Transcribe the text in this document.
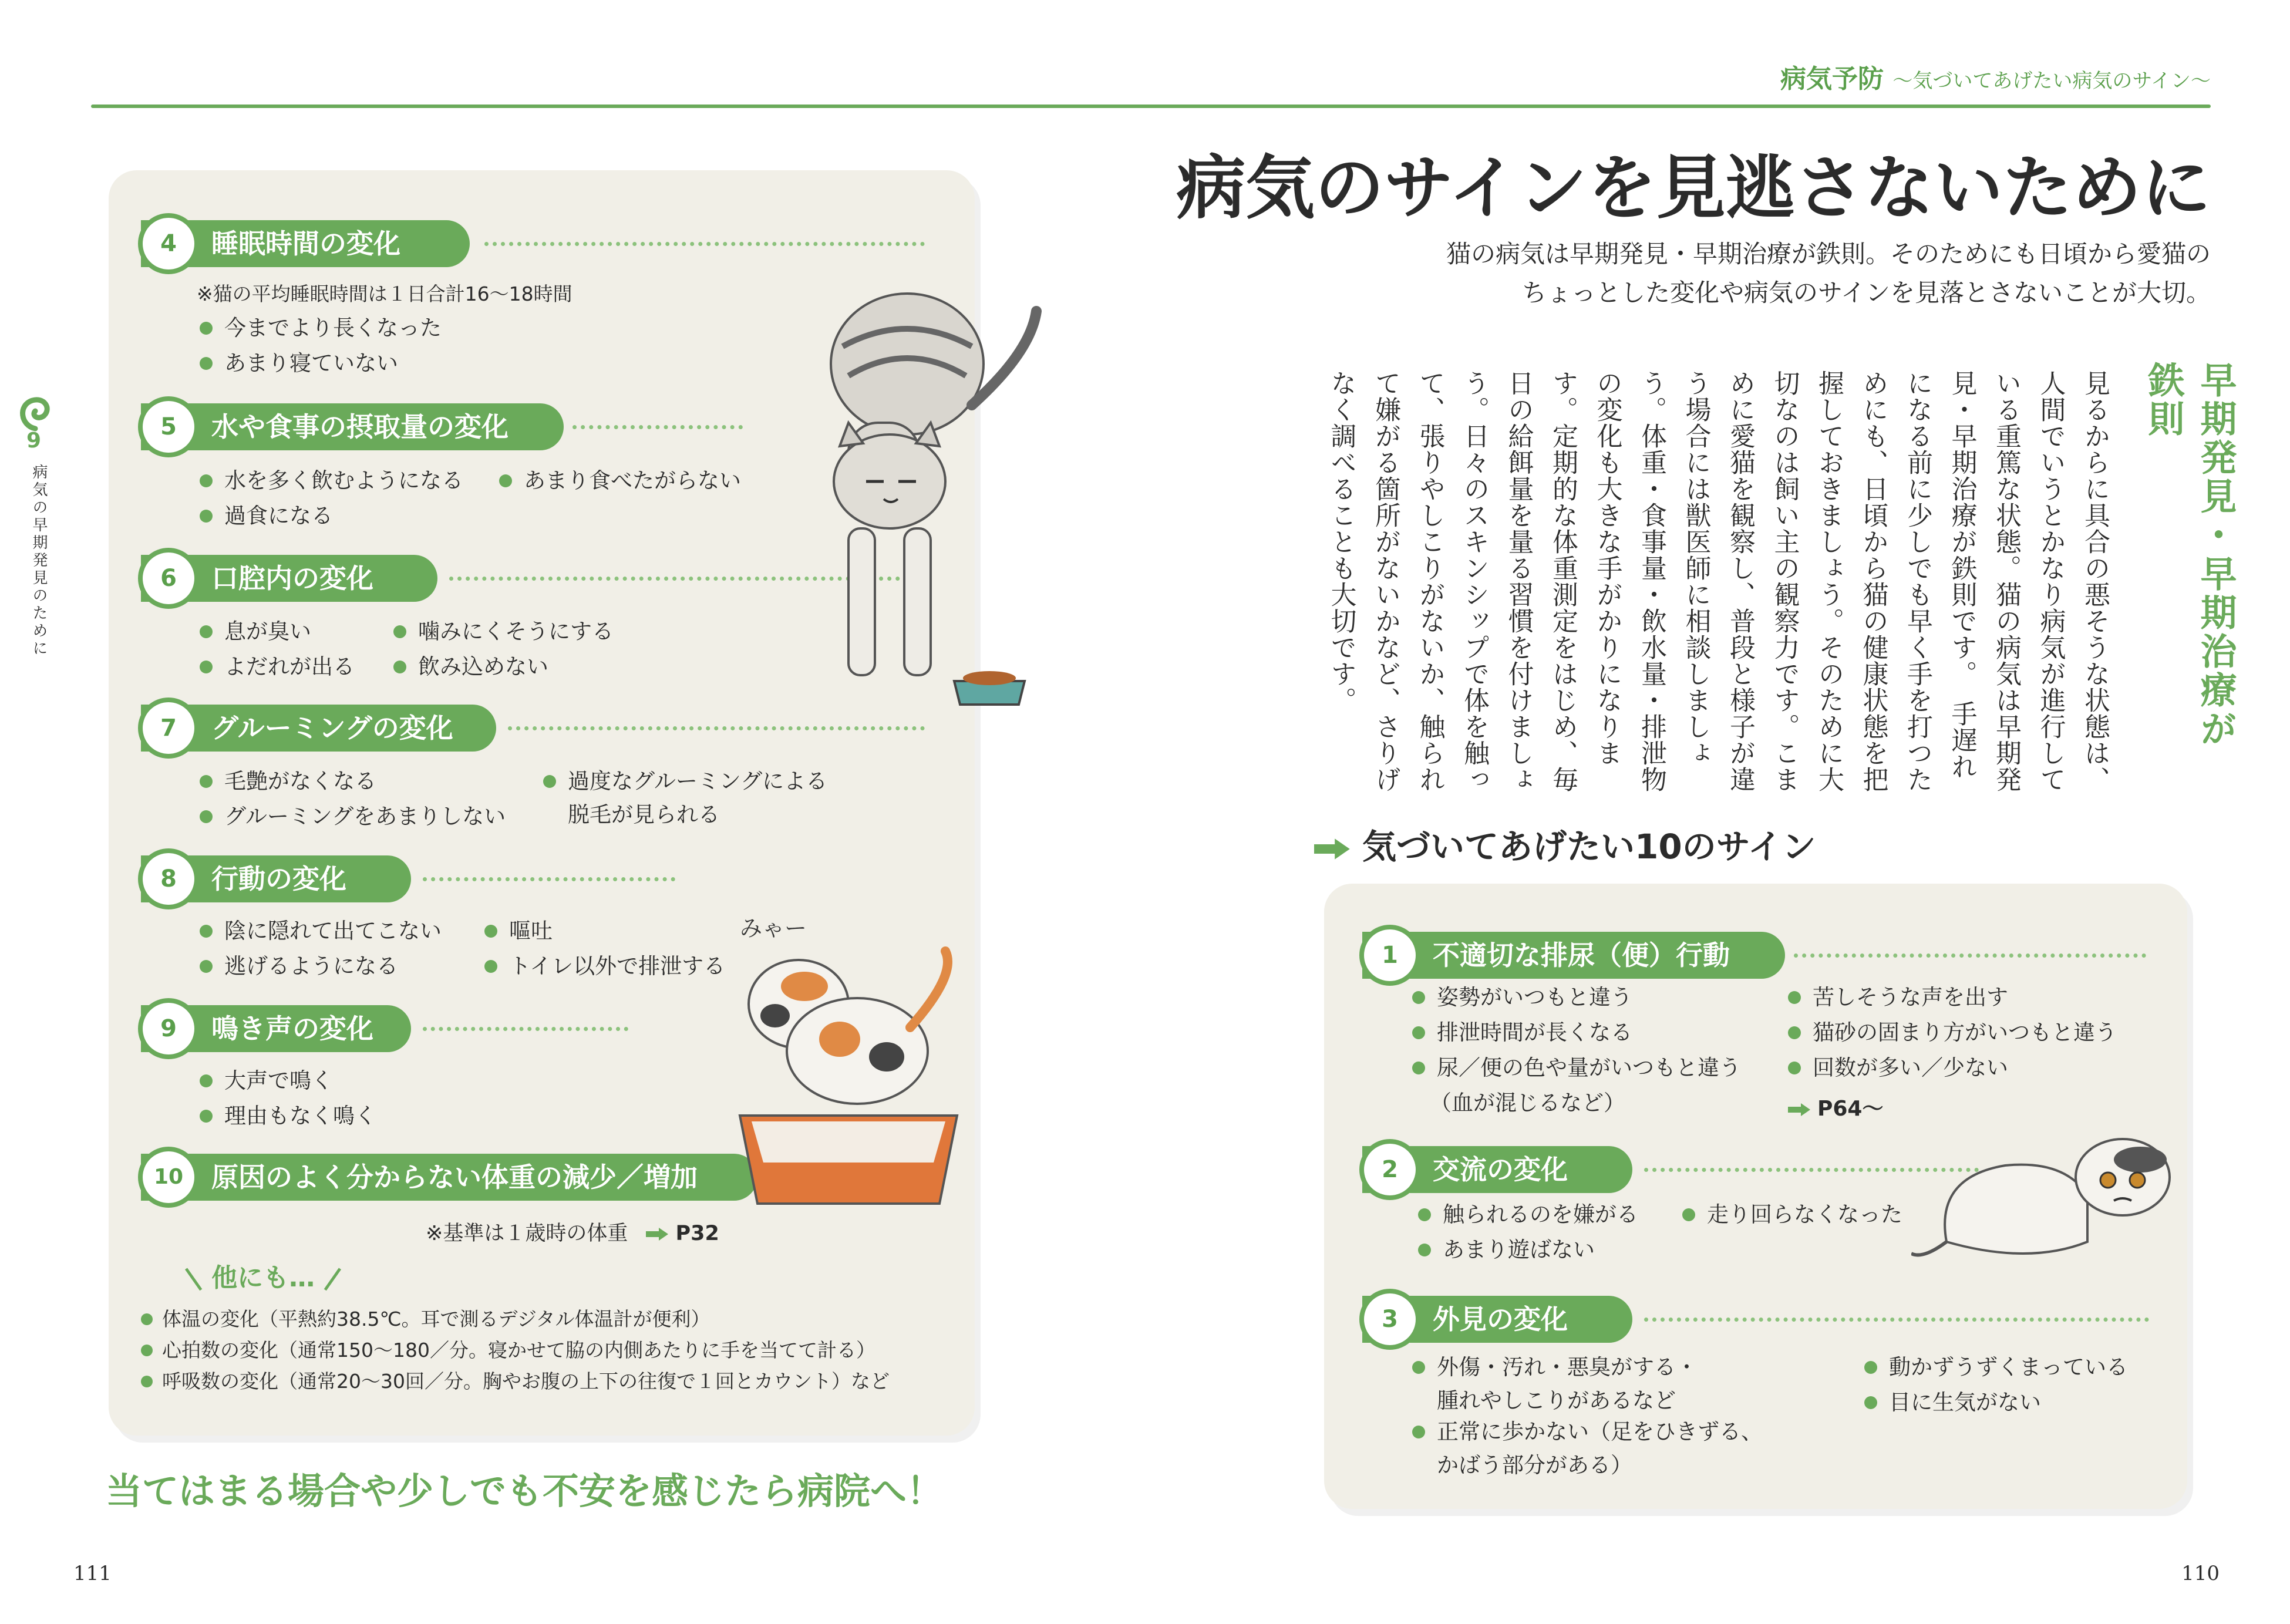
病気予防 〜気づいてあげたい病気のサイン〜
9
病気の早期発見のために
睡眠時間の変化
4
※猫の平均睡眠時間は１日合計16〜18時間
今までより長くなった
あまり寝ていない
水や食事の摂取量の変化
5
水を多く飲むようになる	あまり食べたがらない
過食になる
口腔内の変化
6
息が臭い	噛みにくそうにする
よだれが出る	飲み込めない
グルーミングの変化
7
毛艶がなくなる	過度なグルーミングによる
脱毛が見られる
グルーミングをあまりしない
行動の変化
8
陰に隠れて出てこない	嘔吐
逃げるようになる	トイレ以外で排泄する
鳴き声の変化
9
大声で鳴く
理由もなく鳴く
原因のよく分からない体重の減少／増加
10
※基準は１歳時の体重 P32
| 他にも… |
体温の変化（平熱約38.5℃。耳で測るデジタル体温計が便利）
心拍数の変化（通常150〜180／分。寝かせて脇の内側あたりに手を当てて計る）
呼吸数の変化（通常20〜30回／分。胸やお腹の上下の往復で１回とカウント）など
みゃー
当てはまる場合や少しでも不安を感じたら病院へ！
病気のサインを見逃さないために
猫の病気は早期発見・早期治療が鉄則。そのためにも日頃から愛猫の
ちょっとした変化や病気のサインを見落とさないことが大切。
早期発見・早期治療が鉄則
見るからに具合の悪そうな状態は、人間でいうとかなり病気が進行している重篤な状態。猫の病気は早期発見・早期治療が鉄則です。　手遅れになる前に少しでも早く手を打つためにも、日頃から猫の健康状態を把握しておきましょう。そのために大切なのは飼い主の観察力です。こまめに愛猫を観察し、普段と様子が違う場合には獣医師に相談しましょう。体重・食事量・飲水量・排泄物の変化も大きな手がかりになります。定期的な体重測定をはじめ、毎日の給餌量を量る習慣を付けましょう。日々のスキンシップで体を触って、張りやしこりがないか、触られて嫌がる箇所がないかなど、さりげなく調べることも大切です。
気づいてあげたい10のサイン
不適切な排尿（便）行動
1
姿勢がいつもと違う
排泄時間が長くなる
尿／便の色や量がいつもと違う
（血が混じるなど）
苦しそうな声を出す
猫砂の固まり方がいつもと違う
回数が多い／少ない
P64〜
交流の変化
2
触られるのを嫌がる
あまり遊ばない
走り回らなくなった
外見の変化
3
外傷・汚れ・悪臭がする・
腫れやしこりがあるなど
正常に歩かない（足をひきずる、
かばう部分がある）
動かずうずくまっている
目に生気がない
111	110
